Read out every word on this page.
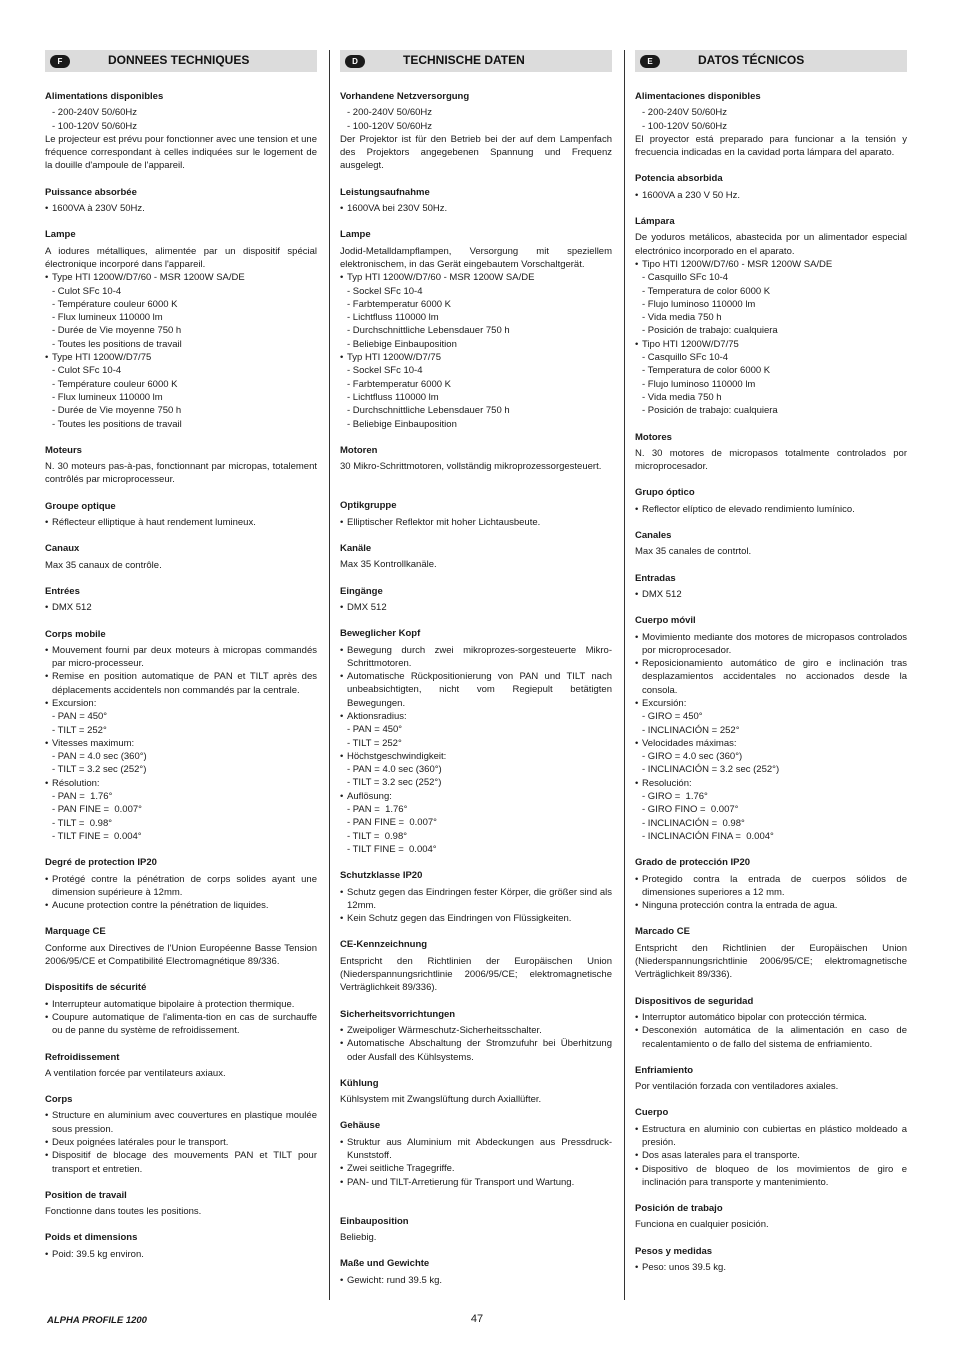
F	DONNEES TECHNIQUES
Alimentations disponibles
- 200-240V 50/60Hz
- 100-120V 50/60Hz
Le projecteur est prévu pour fonctionner avec une tension et une fréquence correspondant à celles indiquées sur le logement de la douille d'ampoule de l'appareil.
Puissance absorbée
• 1600VA à 230V 50Hz.
Lampe
A iodures métalliques, alimentée par un dispositif spécial électronique incorporé dans l'appareil.
• Type HTI 1200W/D7/60 - MSR 1200W SA/DE
- Culot SFc 10-4
- Température couleur 6000 K
- Flux lumineux 110000 lm
- Durée de Vie moyenne 750 h
- Toutes les positions de travail
• Type HTI 1200W/D7/75
- Culot SFc 10-4
- Température couleur 6000 K
- Flux lumineux 110000 lm
- Durée de Vie moyenne 750 h
- Toutes les positions de travail
Moteurs
N. 30 moteurs pas-à-pas, fonctionnant par micropas, totalement contrôlés par microprocesseur.
Groupe optique
• Réflecteur elliptique à haut rendement lumineux.
Canaux
Max 35 canaux de contrôle.
Entrées
• DMX 512
Corps mobile
• Mouvement fourni par deux moteurs à micropas commandés par micro-processeur.
• Remise en position automatique de PAN et TILT après des déplacements accidentels non commandés par la centrale.
• Excursion:
- PAN = 450°
- TILT = 252°
• Vitesses maximum:
- PAN = 4.0 sec (360°)
- TILT = 3.2 sec (252°)
• Résolution:
- PAN =  1.76°
- PAN FINE =  0.007°
- TILT =  0.98°
- TILT FINE =  0.004°
Degré de protection IP20
• Protégé contre la pénétration de corps solides ayant une dimension supérieure à 12mm.
• Aucune protection contre la pénétration de liquides.
Marquage CE
Conforme aux Directives de l'Union Européenne Basse Tension 2006/95/CE et Compatibilité Electromagnétique 89/336.
Dispositifs de sécurité
• Interrupteur automatique bipolaire à protection thermique.
• Coupure automatique de l'alimenta-tion en cas de surchauffe ou de panne du système de refroidissement.
Refroidissement
A ventilation forcée par ventilateurs axiaux.
Corps
• Structure en aluminium avec couvertures en plastique moulée sous pression.
• Deux poignées latérales pour le transport.
• Dispositif de blocage des mouvements PAN et TILT pour transport et entretien.
Position de travail
Fonctionne dans toutes les positions.
Poids et dimensions
• Poid: 39.5 kg environ.
D	TECHNISCHE DATEN
Vorhandene Netzversorgung
- 200-240V 50/60Hz
- 100-120V 50/60Hz
Der Projektor ist für den Betrieb bei der auf dem Lampenfach des Projektors angegebenen Spannung und Frequenz ausgelegt.
Leistungsaufnahme
• 1600VA bei 230V 50Hz.
Lampe
Jodid-Metalldampflampen, Versorgung mit speziellem elektronischem, in das Gerät eingebautem Vorschaltgerät.
• Typ HTI 1200W/D7/60 - MSR 1200W SA/DE
- Sockel SFc 10-4
- Farbtemperatur 6000 K
- Lichtfluss 110000 lm
- Durchschnittliche Lebensdauer 750 h
- Beliebige Einbauposition
• Typ HTI 1200W/D7/75
- Sockel SFc 10-4
- Farbtemperatur 6000 K
- Lichtfluss 110000 lm
- Durchschnittliche Lebensdauer 750 h
- Beliebige Einbauposition
Motoren
30 Mikro-Schrittmotoren, vollständig mikroprozessorgesteuert.
Optikgruppe
• Elliptischer Reflektor mit hoher Lichtausbeute.
Kanäle
Max 35 Kontrollkanäle.
Eingänge
• DMX 512
Beweglicher Kopf
• Bewegung durch zwei mikroprozes-sorgesteuerte Mikro-Schrittmotoren.
• Automatische Rückpositionierung von PAN und TILT nach unbeabsichtigten, nicht vom Regiepult betätigten Bewegungen.
• Aktionsradius:
- PAN = 450°
- TILT = 252°
• Höchstgeschwindigkeit:
- PAN = 4.0 sec (360°)
- TILT = 3.2 sec (252°)
• Auflösung:
- PAN =  1.76°
- PAN FINE =  0.007°
- TILT =  0.98°
- TILT FINE =  0.004°
Schutzklasse IP20
• Schutz gegen das Eindringen fester Körper, die größer sind als 12mm.
• Kein Schutz gegen das Eindringen von Flüssigkeiten.
CE-Kennzeichnung
Entspricht den Richtlinien der Europäischen Union (Niederspannungsrichtlinie 2006/95/CE; elektromagnetische Verträglichkeit 89/336).
Sicherheitsvorrichtungen
• Zweipoliger Wärmeschutz-Sicherheitsschalter.
• Automatische Abschaltung der Stromzufuhr bei Überhitzung oder Ausfall des Kühlsystems.
Kühlung
Kühlsystem mit Zwangslüftung durch Axiallüfter.
Gehäuse
• Struktur aus Aluminium mit Abdeckungen aus Pressdruck-Kunststoff.
• Zwei seitliche Tragegriffe.
• PAN- und TILT-Arretierung für Transport und Wartung.
Einbauposition
Beliebig.
Maße und Gewichte
• Gewicht: rund 39.5 kg.
E	DATOS TÉCNICOS
Alimentaciones disponibles
- 200-240V 50/60Hz
- 100-120V 50/60Hz
El proyector está preparado para funcionar a la tensión y frecuencia indicadas en la cavidad porta lámpara del aparato.
Potencia absorbida
• 1600VA a 230 V 50 Hz.
Lámpara
De yoduros metálicos, abastecida por un alimentador especial electrónico incorporado en el aparato.
• Tipo HTI 1200W/D7/60 - MSR 1200W SA/DE
- Casquillo SFc 10-4
- Temperatura de color 6000 K
- Flujo luminoso 110000 lm
- Vida media 750 h
- Posición de trabajo: cualquiera
• Tipo HTI 1200W/D7/75
- Casquillo SFc 10-4
- Temperatura de color 6000 K
- Flujo luminoso 110000 lm
- Vida media 750 h
- Posición de trabajo: cualquiera
Motores
N. 30 motores de micropasos totalmente controlados por microprocesador.
Grupo óptico
• Reflector elíptico de elevado rendimiento lumínico.
Canales
Max 35 canales de contrtol.
Entradas
• DMX 512
Cuerpo móvil
• Movimiento mediante dos motores de micropasos controlados por microprocesador.
• Reposicionamiento automático de giro e inclinación tras desplazamientos accidentales no accionados desde la consola.
• Excursión:
- GIRO = 450°
- INCLINACIÓN = 252°
• Velocidades máximas:
- GIRO = 4.0 sec (360°)
- INCLINACIÓN = 3.2 sec (252°)
• Resolución:
- GIRO =  1.76°
- GIRO FINO =  0.007°
- INCLINACIÓN =  0.98°
- INCLINACIÓN FINA =  0.004°
Grado de protección IP20
• Protegido contra la entrada de cuerpos sólidos de dimensiones superiores a 12 mm.
• Ninguna protección contra la entrada de agua.
Marcado CE
Entspricht den Richtlinien der Europäischen Union (Niederspannungsrichtlinie 2006/95/CE; elektromagnetische Verträglichkeit 89/336).
Dispositivos de seguridad
• Interruptor automático bipolar con protección térmica.
• Desconexión automática de la alimentación en caso de recalentamiento o de fallo del sistema de enfriamiento.
Enfriamiento
Por ventilación forzada con ventiladores axiales.
Cuerpo
• Estructura en aluminio con cubiertas en plástico moldeado a presión.
• Dos asas laterales para el transporte.
• Dispositivo de bloqueo de los movimientos de giro e inclinación para transporte y mantenimiento.
Posición de trabajo
Funciona en cualquier posición.
Pesos y medidas
• Peso: unos 39.5 kg.
ALPHA PROFILE 1200	47
